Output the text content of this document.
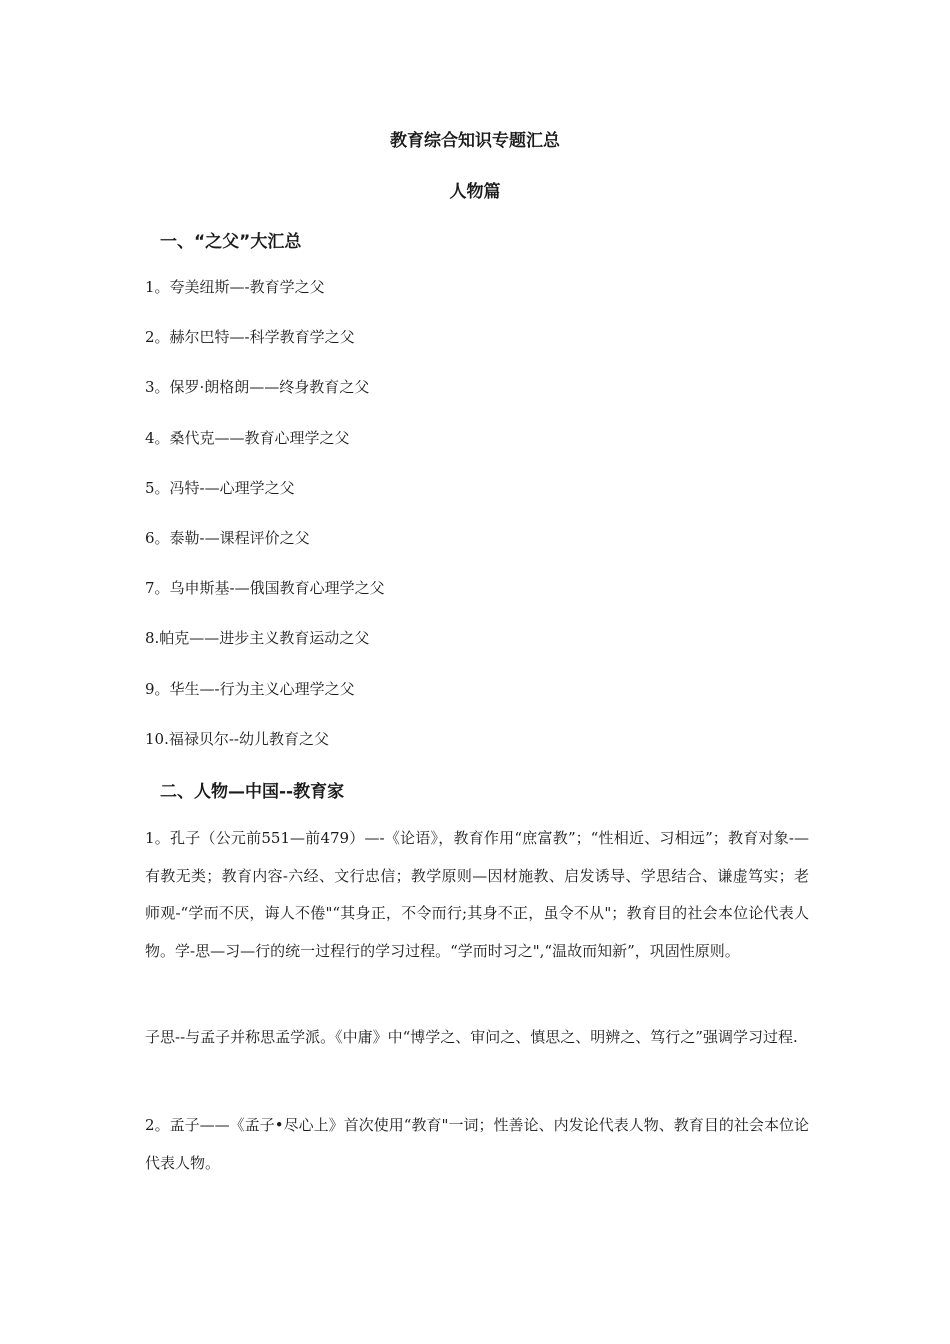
教育综合知识专题汇总
人物篇
一、“之父”大汇总
1。夸美纽斯—-教育学之父
2。赫尔巴特—-科学教育学之父
3。保罗·朗格朗——终身教育之父
4。桑代克——教育心理学之父
5。冯特-—心理学之父
6。泰勒-—课程评价之父
7。乌申斯基-—俄国教育心理学之父
8.帕克——进步主义教育运动之父
9。华生—-行为主义心理学之父
10.福禄贝尔--幼儿教育之父
二、人物—中国--教育家

1。孔子（公元前551—前479）—-《论语》，教育作用“庶富教”；“性相近、习相远”；教育对象-—有教无类；教育内容-六经、文行忠信；教学原则—因材施教、启发诱导、学思结合、谦虚笃实；老师观-“学而不厌，诲人不倦"“其身正，不令而行;其身不正，虽令不从"；教育目的社会本位论代表人物。学-思—习—行的统一过程行的学习过程。“学而时习之",“温故而知新”，巩固性原则。

子思--与孟子并称思孟学派。《中庸》中“博学之、审问之、慎思之、明辨之、笃行之”强调学习过程.

2。孟子——《孟子•尽心上》首次使用“教育"一词；性善论、内发论代表人物、教育目的社会本位论代表人物。
